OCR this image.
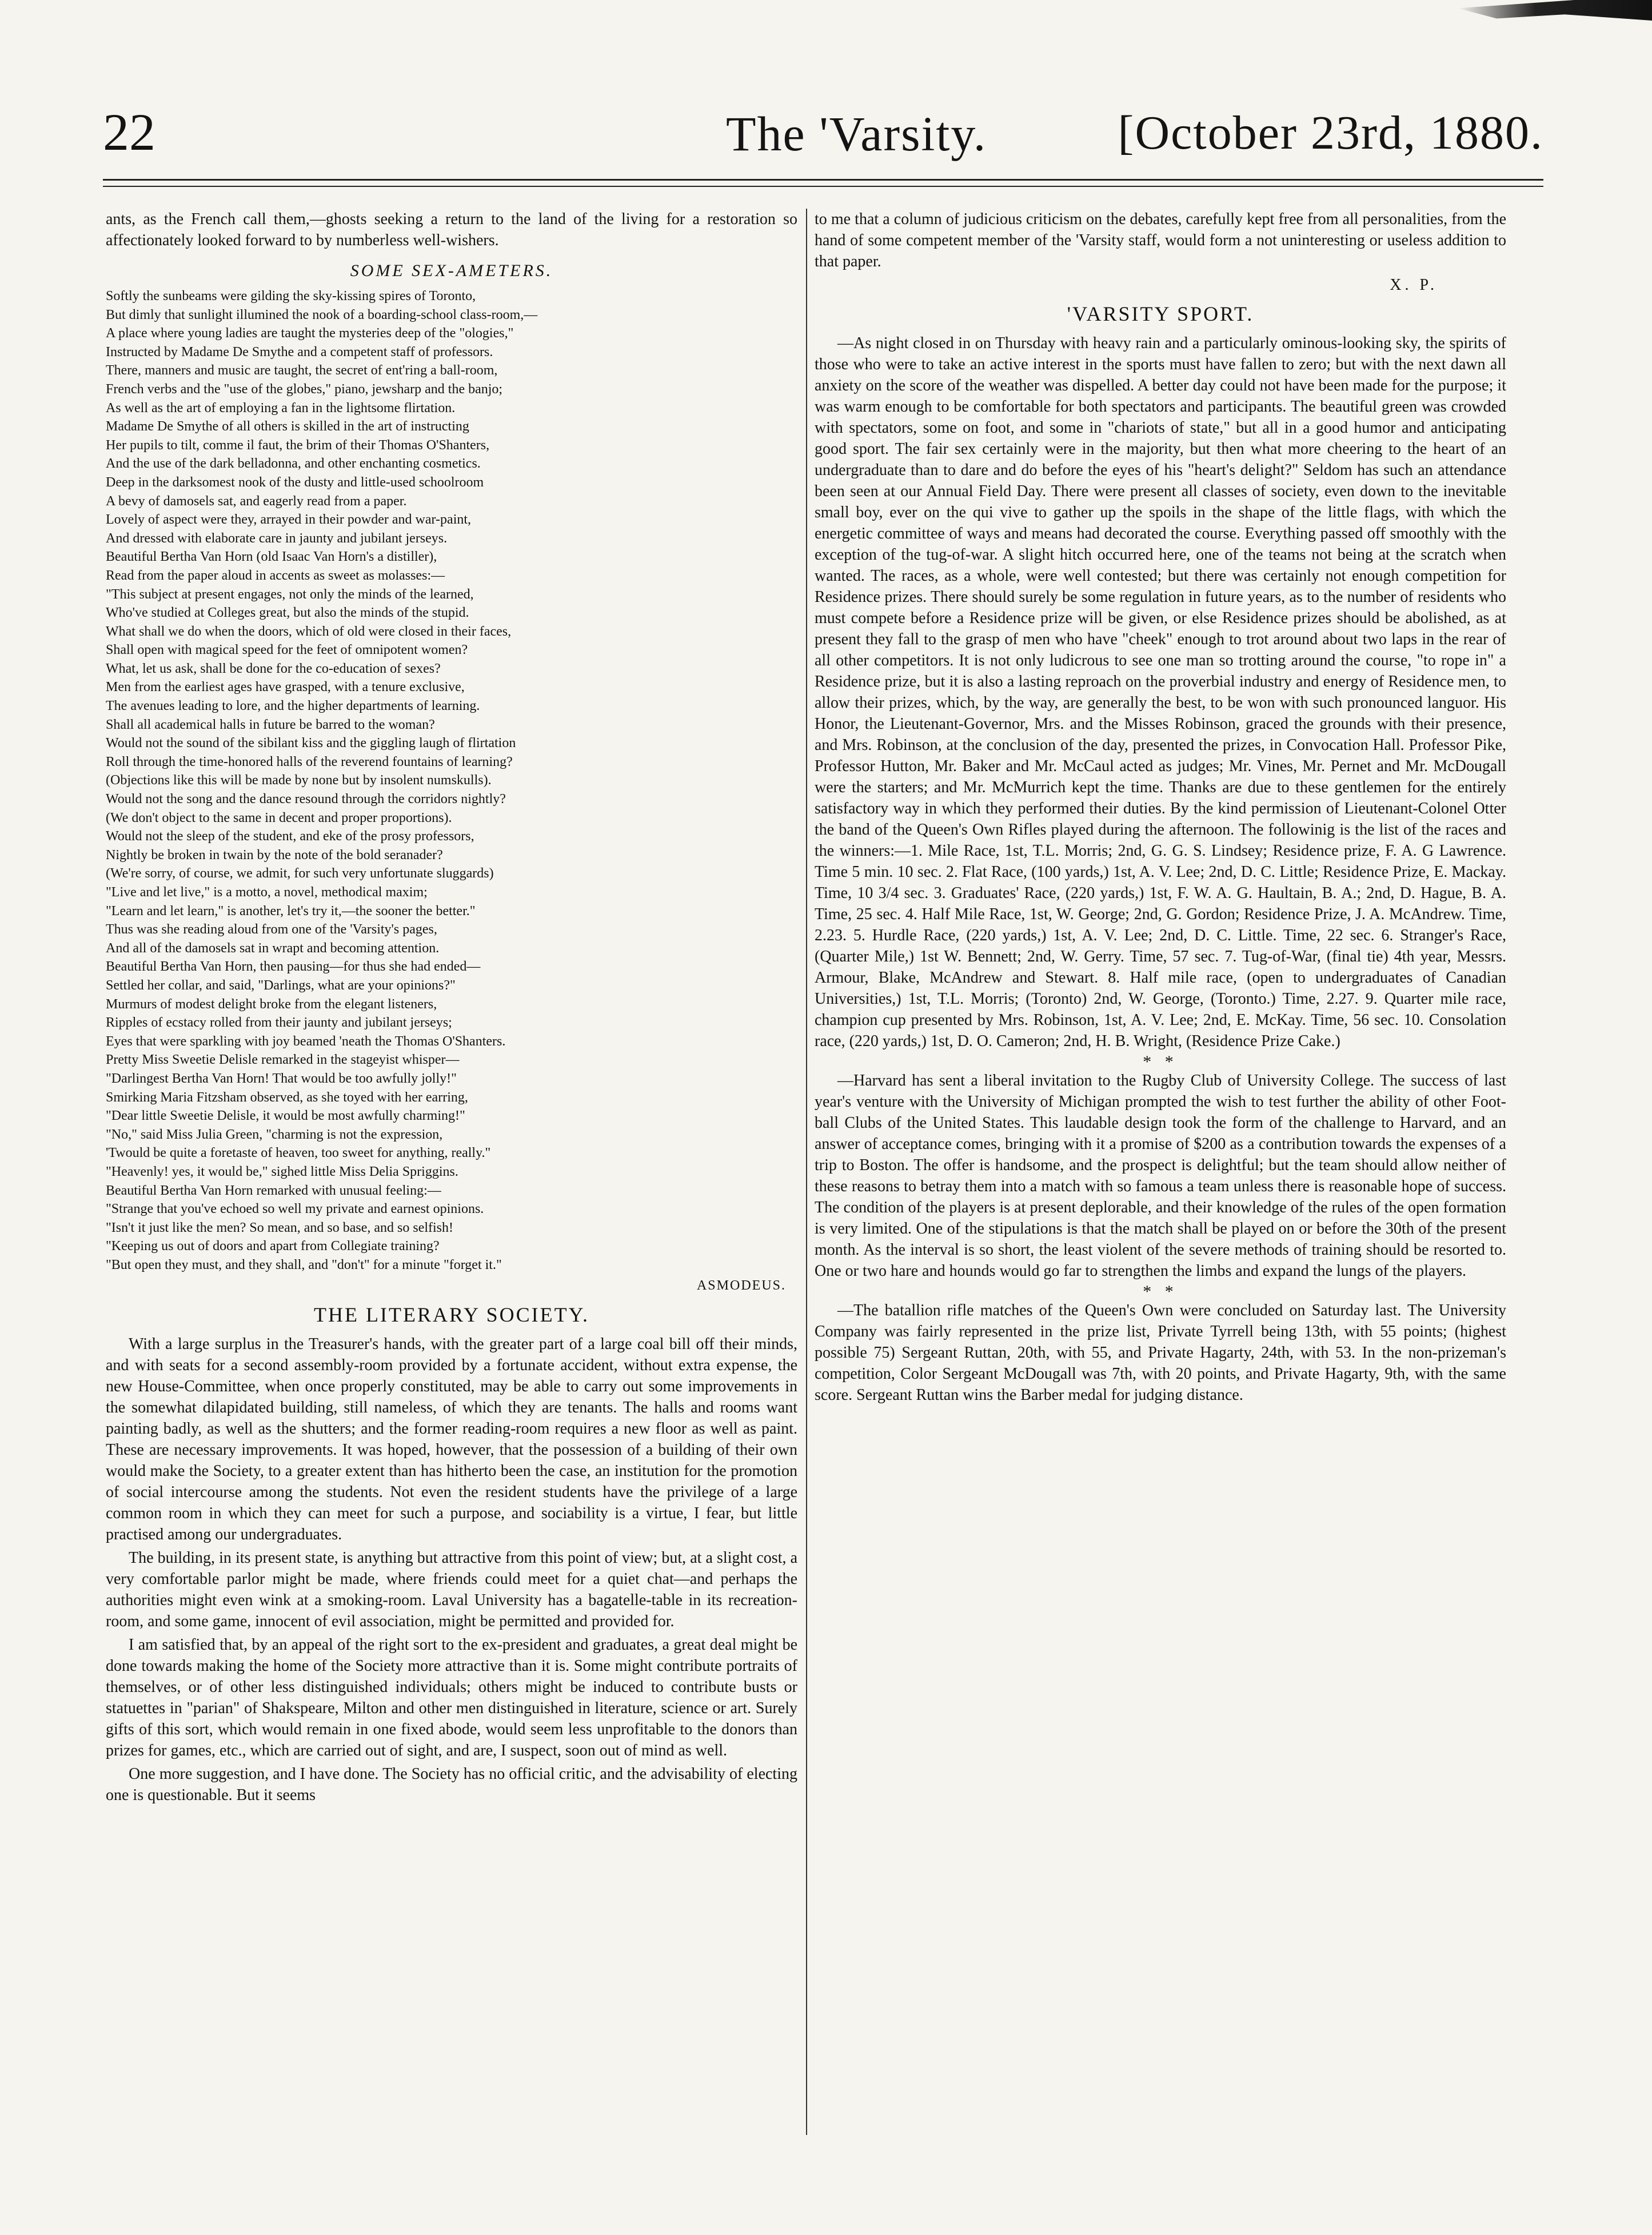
22	The 'Varsity.	[October 23rd, 1880.

ants, as the French call them,—ghosts seeking a return to the land of the living for a restoration so affectionately looked forward to by numberless well-wishers.

SOME SEX-AMETERS.
Softly the sunbeams were gilding the sky-kissing spires of Toronto,
But dimly that sunlight illumined the nook of a boarding-school class-room,—
A place where young ladies are taught the mysteries deep of the "ologies,"
Instructed by Madame De Smythe and a competent staff of professors.
There, manners and music are taught, the secret of ent'ring a ball-room,
French verbs and the "use of the globes," piano, jewsharp and the banjo;
As well as the art of employing a fan in the lightsome flirtation.
Madame De Smythe of all others is skilled in the art of instructing
Her pupils to tilt, comme il faut, the brim of their Thomas O'Shanters,
And the use of the dark belladonna, and other enchanting cosmetics.
Deep in the darksomest nook of the dusty and little-used schoolroom
A bevy of damosels sat, and eagerly read from a paper.
Lovely of aspect were they, arrayed in their powder and war-paint,
And dressed with elaborate care in jaunty and jubilant jerseys.
Beautiful Bertha Van Horn (old Isaac Van Horn's a distiller),
Read from the paper aloud in accents as sweet as molasses:—
"This subject at present engages, not only the minds of the learned,
Who've studied at Colleges great, but also the minds of the stupid.
What shall we do when the doors, which of old were closed in their faces,
Shall open with magical speed for the feet of omnipotent women?
What, let us ask, shall be done for the co-education of sexes?
Men from the earliest ages have grasped, with a tenure exclusive,
The avenues leading to lore, and the higher departments of learning.
Shall all academical halls in future be barred to the woman?
Would not the sound of the sibilant kiss and the giggling laugh of flirtation
Roll through the time-honored halls of the reverend fountains of learning?
(Objections like this will be made by none but by insolent numskulls).
Would not the song and the dance resound through the corridors nightly?
(We don't object to the same in decent and proper proportions).
Would not the sleep of the student, and eke of the prosy professors,
Nightly be broken in twain by the note of the bold seranader?
(We're sorry, of course, we admit, for such very unfortunate sluggards)
"Live and let live," is a motto, a novel, methodical maxim;
"Learn and let learn," is another, let's try it,—the sooner the better."
Thus was she reading aloud from one of the 'Varsity's pages,
And all of the damosels sat in wrapt and becoming attention.
Beautiful Bertha Van Horn, then pausing—for thus she had ended—
Settled her collar, and said, "Darlings, what are your opinions?"
Murmurs of modest delight broke from the elegant listeners,
Ripples of ecstacy rolled from their jaunty and jubilant jerseys;
Eyes that were sparkling with joy beamed 'neath the Thomas O'Shanters.
Pretty Miss Sweetie Delisle remarked in the stageyist whisper—
"Darlingest Bertha Van Horn! That would be too awfully jolly!"
Smirking Maria Fitzsham observed, as she toyed with her earring,
"Dear little Sweetie Delisle, it would be most awfully charming!"
"No," said Miss Julia Green, "charming is not the expression,
'Twould be quite a foretaste of heaven, too sweet for anything, really."
"Heavenly! yes, it would be," sighed little Miss Delia Spriggins.
Beautiful Bertha Van Horn remarked with unusual feeling:—
"Strange that you've echoed so well my private and earnest opinions.
"Isn't it just like the men? So mean, and so base, and so selfish!
"Keeping us out of doors and apart from Collegiate training?
"But open they must, and they shall, and "don't" for a minute "forget it."
ASMODEUS.
THE LITERARY SOCIETY.

With a large surplus in the Treasurer's hands, with the greater part of a large coal bill off their minds, and with seats for a second assembly-room provided by a fortunate accident, without extra expense, the new House-Committee, when once properly constituted, may be able to carry out some improvements in the somewhat dilapidated building, still nameless, of which they are tenants. The halls and rooms want painting badly, as well as the shutters; and the former reading-room requires a new floor as well as paint. These are necessary improvements. It was hoped, however, that the possession of a building of their own would make the Society, to a greater extent than has hitherto been the case, an institution for the promotion of social intercourse among the students. Not even the resident students have the privilege of a large common room in which they can meet for such a purpose, and sociability is a virtue, I fear, but little practised among our undergraduates.

The building, in its present state, is anything but attractive from this point of view; but, at a slight cost, a very comfortable parlor might be made, where friends could meet for a quiet chat—and perhaps the authorities might even wink at a smoking-room. Laval University has a bagatelle-table in its recreation-room, and some game, innocent of evil association, might be permitted and provided for.

I am satisfied that, by an appeal of the right sort to the ex-president and graduates, a great deal might be done towards making the home of the Society more attractive than it is. Some might contribute portraits of themselves, or of other less distinguished individuals; others might be induced to contribute busts or statuettes in "parian" of Shakspeare, Milton and other men distinguished in literature, science or art. Surely gifts of this sort, which would remain in one fixed abode, would seem less unprofitable to the donors than prizes for games, etc., which are carried out of sight, and are, I suspect, soon out of mind as well.

One more suggestion, and I have done. The Society has no official critic, and the advisability of electing one is questionable. But it seems

to me that a column of judicious criticism on the debates, carefully kept free from all personalities, from the hand of some competent member of the 'Varsity staff, would form a not uninteresting or useless addition to that paper.

X. P.
'VARSITY SPORT.

—As night closed in on Thursday with heavy rain and a particularly ominous-looking sky, the spirits of those who were to take an active interest in the sports must have fallen to zero; but with the next dawn all anxiety on the score of the weather was dispelled. A better day could not have been made for the purpose; it was warm enough to be comfortable for both spectators and participants. The beautiful green was crowded with spectators, some on foot, and some in "chariots of state," but all in a good humor and anticipating good sport. The fair sex certainly were in the majority, but then what more cheering to the heart of an undergraduate than to dare and do before the eyes of his "heart's delight?" Seldom has such an attendance been seen at our Annual Field Day. There were present all classes of society, even down to the inevitable small boy, ever on the qui vive to gather up the spoils in the shape of the little flags, with which the energetic committee of ways and means had decorated the course. Everything passed off smoothly with the exception of the tug-of-war. A slight hitch occurred here, one of the teams not being at the scratch when wanted. The races, as a whole, were well contested; but there was certainly not enough competition for Residence prizes. There should surely be some regulation in future years, as to the number of residents who must compete before a Residence prize will be given, or else Residence prizes should be abolished, as at present they fall to the grasp of men who have "cheek" enough to trot around about two laps in the rear of all other competitors. It is not only ludicrous to see one man so trotting around the course, "to rope in" a Residence prize, but it is also a lasting reproach on the proverbial industry and energy of Residence men, to allow their prizes, which, by the way, are generally the best, to be won with such pronounced languor. His Honor, the Lieutenant-Governor, Mrs. and the Misses Robinson, graced the grounds with their presence, and Mrs. Robinson, at the conclusion of the day, presented the prizes, in Convocation Hall. Professor Pike, Professor Hutton, Mr. Baker and Mr. McCaul acted as judges; Mr. Vines, Mr. Pernet and Mr. McDougall were the starters; and Mr. McMurrich kept the time. Thanks are due to these gentlemen for the entirely satisfactory way in which they performed their duties. By the kind permission of Lieutenant-Colonel Otter the band of the Queen's Own Rifles played during the afternoon. The followinig is the list of the races and the winners:—1. Mile Race, 1st, T.L. Morris; 2nd, G. G. S. Lindsey; Residence prize, F. A. G Lawrence. Time 5 min. 10 sec. 2. Flat Race, (100 yards,) 1st, A. V. Lee; 2nd, D. C. Little; Residence Prize, E. Mackay. Time, 10 3/4 sec. 3. Graduates' Race, (220 yards,) 1st, F. W. A. G. Haultain, B. A.; 2nd, D. Hague, B. A. Time, 25 sec. 4. Half Mile Race, 1st, W. George; 2nd, G. Gordon; Residence Prize, J. A. McAndrew. Time, 2.23. 5. Hurdle Race, (220 yards,) 1st, A. V. Lee; 2nd, D. C. Little. Time, 22 sec. 6. Stranger's Race, (Quarter Mile,) 1st W. Bennett; 2nd, W. Gerry. Time, 57 sec. 7. Tug-of-War, (final tie) 4th year, Messrs. Armour, Blake, McAndrew and Stewart. 8. Half mile race, (open to undergraduates of Canadian Universities,) 1st, T.L. Morris; (Toronto) 2nd, W. George, (Toronto.) Time, 2.27. 9. Quarter mile race, champion cup presented by Mrs. Robinson, 1st, A. V. Lee; 2nd, E. McKay. Time, 56 sec. 10. Consolation race, (220 yards,) 1st, D. O. Cameron; 2nd, H. B. Wright, (Residence Prize Cake.)

* *

—Harvard has sent a liberal invitation to the Rugby Club of University College. The success of last year's venture with the University of Michigan prompted the wish to test further the ability of other Foot-ball Clubs of the United States. This laudable design took the form of the challenge to Harvard, and an answer of acceptance comes, bringing with it a promise of $200 as a contribution towards the expenses of a trip to Boston. The offer is handsome, and the prospect is delightful; but the team should allow neither of these reasons to betray them into a match with so famous a team unless there is reasonable hope of success. The condition of the players is at present deplorable, and their knowledge of the rules of the open formation is very limited. One of the stipulations is that the match shall be played on or before the 30th of the present month. As the interval is so short, the least violent of the severe methods of training should be resorted to. One or two hare and hounds would go far to strengthen the limbs and expand the lungs of the players.

* *

—The batallion rifle matches of the Queen's Own were concluded on Saturday last. The University Company was fairly represented in the prize list, Private Tyrrell being 13th, with 55 points; (highest possible 75) Sergeant Ruttan, 20th, with 55, and Private Hagarty, 24th, with 53. In the non-prizeman's competition, Color Sergeant McDougall was 7th, with 20 points, and Private Hagarty, 9th, with the same score. Sergeant Ruttan wins the Barber medal for judging distance.
